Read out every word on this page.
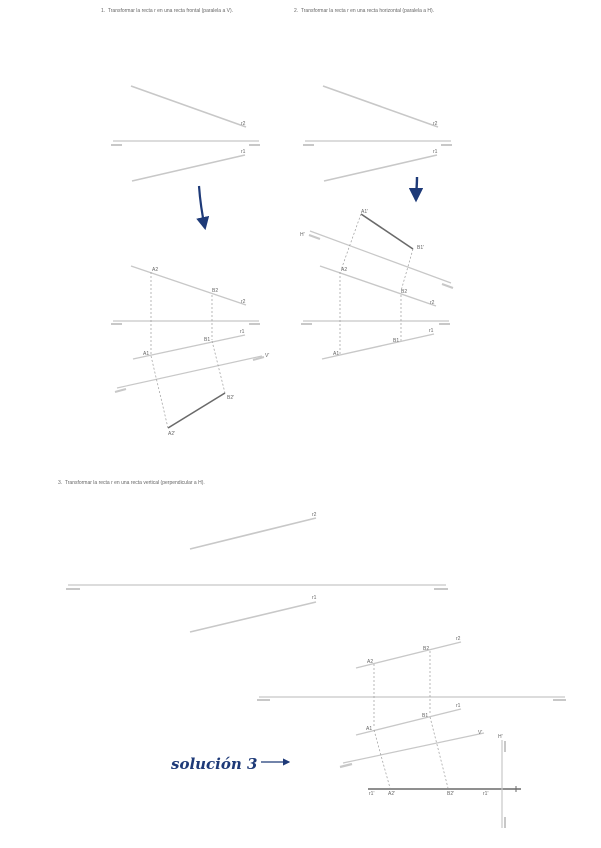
1. Transformar la recta r en una recta frontal (paralela a V).	2. Transformar la recta r en una recta horizontal (paralela a H).
3. Transformar la recta r en una recta vertical (perpendicular a H).
r2
r1
r2
r1
A2
B2
r2
A1
B1
r1
V'
A2'
B2'
H'
A1'
B1'
A2
B2
r2
A1
B1
r1
r2
r1
A2
B2
r2
A1
B1
r1
V'
r1'	A2'	B2'	r1'
H'
solución 3
